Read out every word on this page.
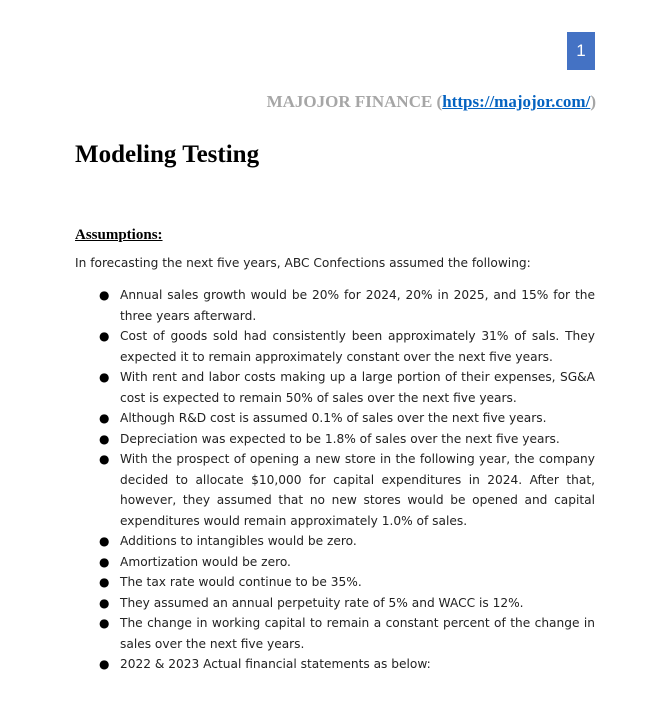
1
MAJOJOR FINANCE (https://majojor.com/)
Modeling Testing
Assumptions:
In forecasting the next five years, ABC Confections assumed the following:
● Annual sales growth would be 20% for 2024, 20% in 2025, and 15% for the three years afterward.
● Cost of goods sold had consistently been approximately 31% of sals. They expected it to remain approximately constant over the next five years.
● With rent and labor costs making up a large portion of their expenses, SG&A cost is expected to remain 50% of sales over the next five years.
● Although R&D cost is assumed 0.1% of sales over the next five years.
● Depreciation was expected to be 1.8% of sales over the next five years.
● With the prospect of opening a new store in the following year, the company decided to allocate $10,000 for capital expenditures in 2024. After that, however, they assumed that no new stores would be opened and capital expenditures would remain approximately 1.0% of sales.
● Additions to intangibles would be zero.
● Amortization would be zero.
● The tax rate would continue to be 35%.
● They assumed an annual perpetuity rate of 5% and WACC is 12%.
● The change in working capital to remain a constant percent of the change in sales over the next five years.
● 2022 & 2023 Actual financial statements as below:
